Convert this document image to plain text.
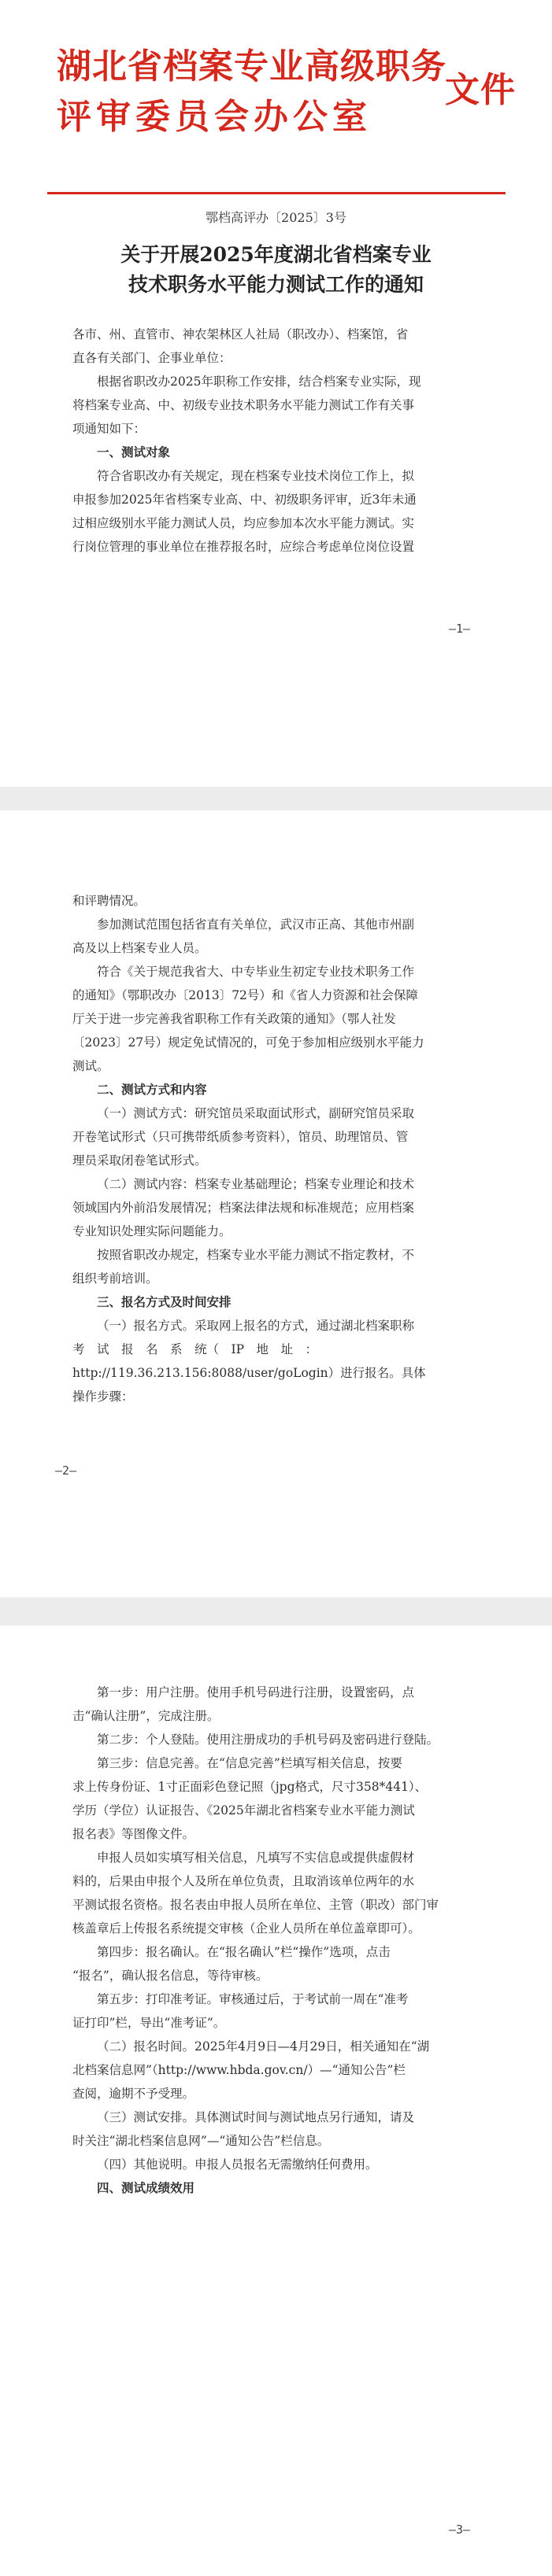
湖北省档案专业高级职务
评审委员会办公室
文件
鄂档高评办〔2025〕3号
关于开展2025年度湖北省档案专业
技术职务水平能力测试工作的通知
各市、州、直管市、神农架林区人社局（职改办）、档案馆，省
直各有关部门、企事业单位：
根据省职改办2025年职称工作安排，结合档案专业实际，现
将档案专业高、中、初级专业技术职务水平能力测试工作有关事
项通知如下：
一、测试对象
符合省职改办有关规定，现在档案专业技术岗位工作上，拟
申报参加2025年省档案专业高、中、初级职务评审，近3年未通
过相应级别水平能力测试人员，均应参加本次水平能力测试。实
行岗位管理的事业单位在推荐报名时，应综合考虑单位岗位设置
—1—
和评聘情况。
参加测试范围包括省直有关单位，武汉市正高、其他市州副
高及以上档案专业人员。
符合《关于规范我省大、中专毕业生初定专业技术职务工作
的通知》（鄂职改办〔2013〕72号）和《省人力资源和社会保障
厅关于进一步完善我省职称工作有关政策的通知》（鄂人社发
〔2023〕27号）规定免试情况的，可免于参加相应级别水平能力
测试。
二、测试方式和内容
（一）测试方式：研究馆员采取面试形式，副研究馆员采取
开卷笔试形式（只可携带纸质参考资料），馆员、助理馆员、管
理员采取闭卷笔试形式。
（二）测试内容：档案专业基础理论；档案专业理论和技术
领域国内外前沿发展情况；档案法律法规和标准规范；应用档案
专业知识处理实际问题能力。
按照省职改办规定，档案专业水平能力测试不指定教材，不
组织考前培训。
三、报名方式及时间安排
（一）报名方式。采取网上报名的方式，通过湖北档案职称
考　试　报　名　系　统（　IP　地　址　：
http://119.36.213.156:8088/user/goLogin）进行报名。具体
操作步骤：
—2—
第一步：用户注册。使用手机号码进行注册，设置密码，点
击“确认注册”，完成注册。
第二步：个人登陆。使用注册成功的手机号码及密码进行登陆。
第三步：信息完善。在“信息完善”栏填写相关信息，按要
求上传身份证、1寸正面彩色登记照（jpg格式，尺寸358*441）、
学历（学位）认证报告、《2025年湖北省档案专业水平能力测试
报名表》等图像文件。
申报人员如实填写相关信息，凡填写不实信息或提供虚假材
料的，后果由申报个人及所在单位负责，且取消该单位两年的水
平测试报名资格。报名表由申报人员所在单位、主管（职改）部门审
核盖章后上传报名系统提交审核（企业人员所在单位盖章即可）。
第四步：报名确认。在“报名确认”栏“操作”选项，点击
“报名”，确认报名信息，等待审核。
第五步：打印准考证。审核通过后，于考试前一周在“准考
证打印”栏，导出“准考证”。
（二）报名时间。2025年4月9日—4月29日，相关通知在“湖
北档案信息网”（http://www.hbda.gov.cn/）—“通知公告”栏
查阅，逾期不予受理。
（三）测试安排。具体测试时间与测试地点另行通知，请及
时关注“湖北档案信息网”—“通知公告”栏信息。
（四）其他说明。申报人员报名无需缴纳任何费用。
四、测试成绩效用
—3—
